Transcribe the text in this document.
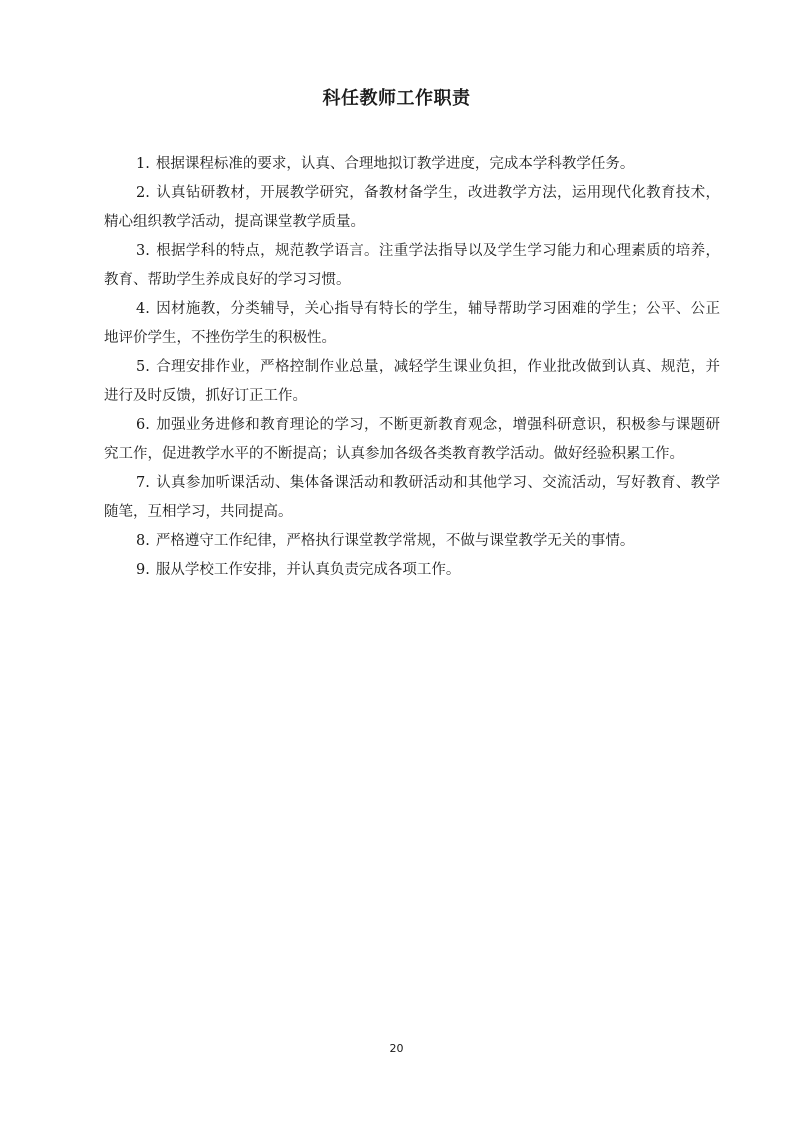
科任教师工作职责
1. 根据课程标准的要求，认真、合理地拟订教学进度，完成本学科教学任务。
2. 认真钻研教材，开展教学研究，备教材备学生，改进教学方法，运用现代化教育技术，精心组织教学活动，提高课堂教学质量。
3. 根据学科的特点，规范教学语言。注重学法指导以及学生学习能力和心理素质的培养，教育、帮助学生养成良好的学习习惯。
4. 因材施教，分类辅导，关心指导有特长的学生，辅导帮助学习困难的学生；公平、公正地评价学生，不挫伤学生的积极性。
5. 合理安排作业，严格控制作业总量，减轻学生课业负担，作业批改做到认真、规范，并进行及时反馈，抓好订正工作。
6. 加强业务进修和教育理论的学习，不断更新教育观念，增强科研意识，积极参与课题研究工作，促进教学水平的不断提高；认真参加各级各类教育教学活动。做好经验积累工作。
7. 认真参加听课活动、集体备课活动和教研活动和其他学习、交流活动，写好教育、教学随笔，互相学习，共同提高。
8. 严格遵守工作纪律，严格执行课堂教学常规，不做与课堂教学无关的事情。
9. 服从学校工作安排，并认真负责完成各项工作。
20
